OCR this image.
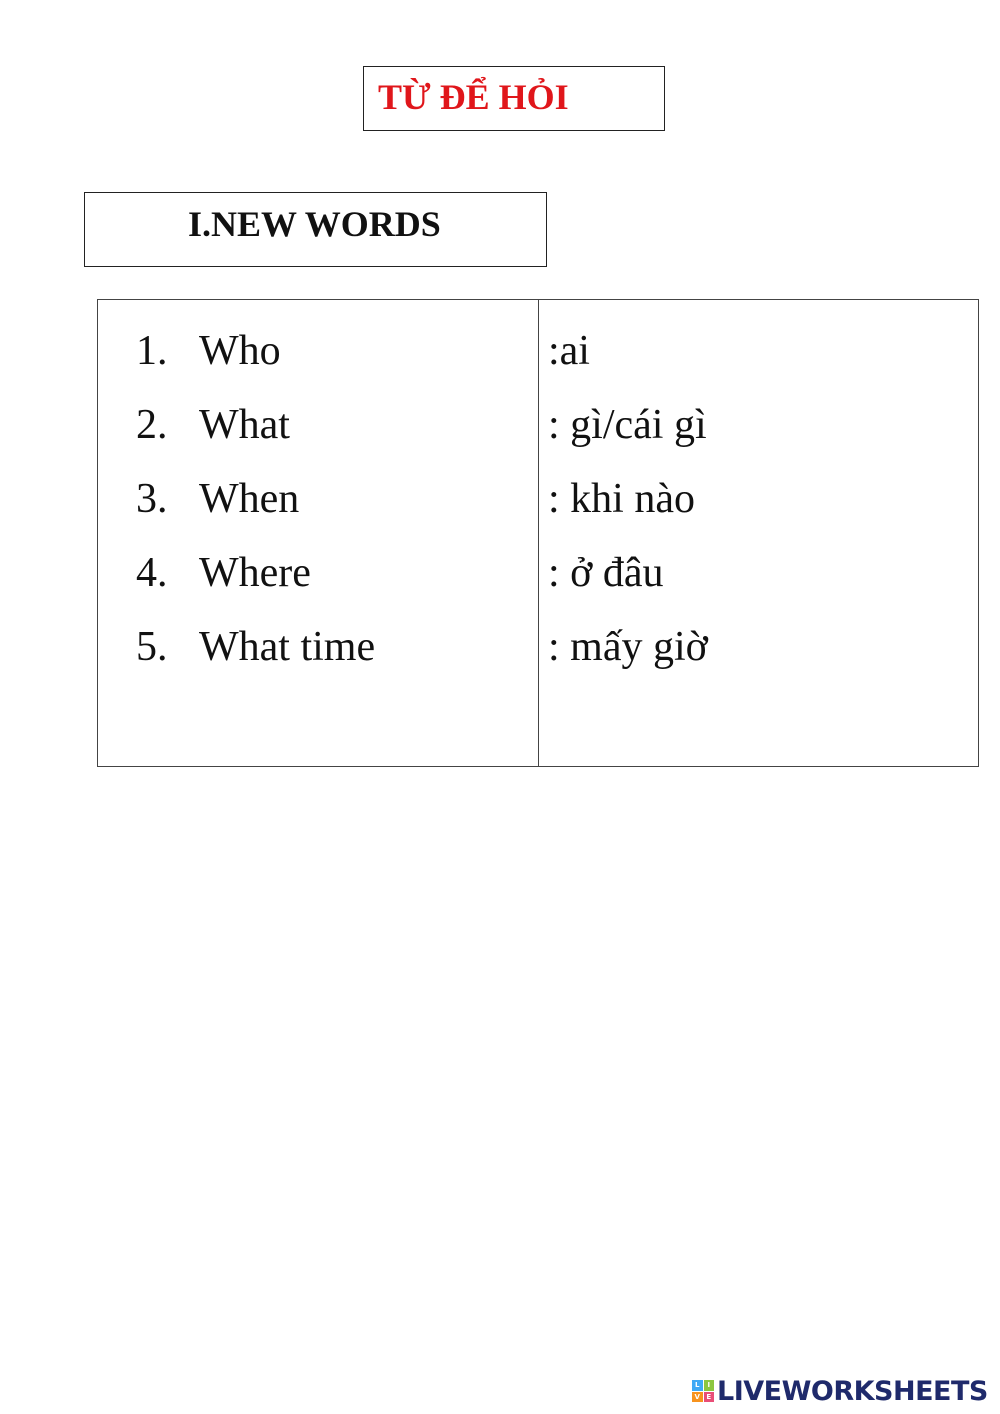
TỪ ĐỂ HỎI
I.NEW WORDS
1. Who	:ai
2. What	: gì/cái gì
3. When	: khi nào
4. Where	: ở đâu
5. What time	: mấy giờ
L	I
V E LIVEWORKSHEETS
